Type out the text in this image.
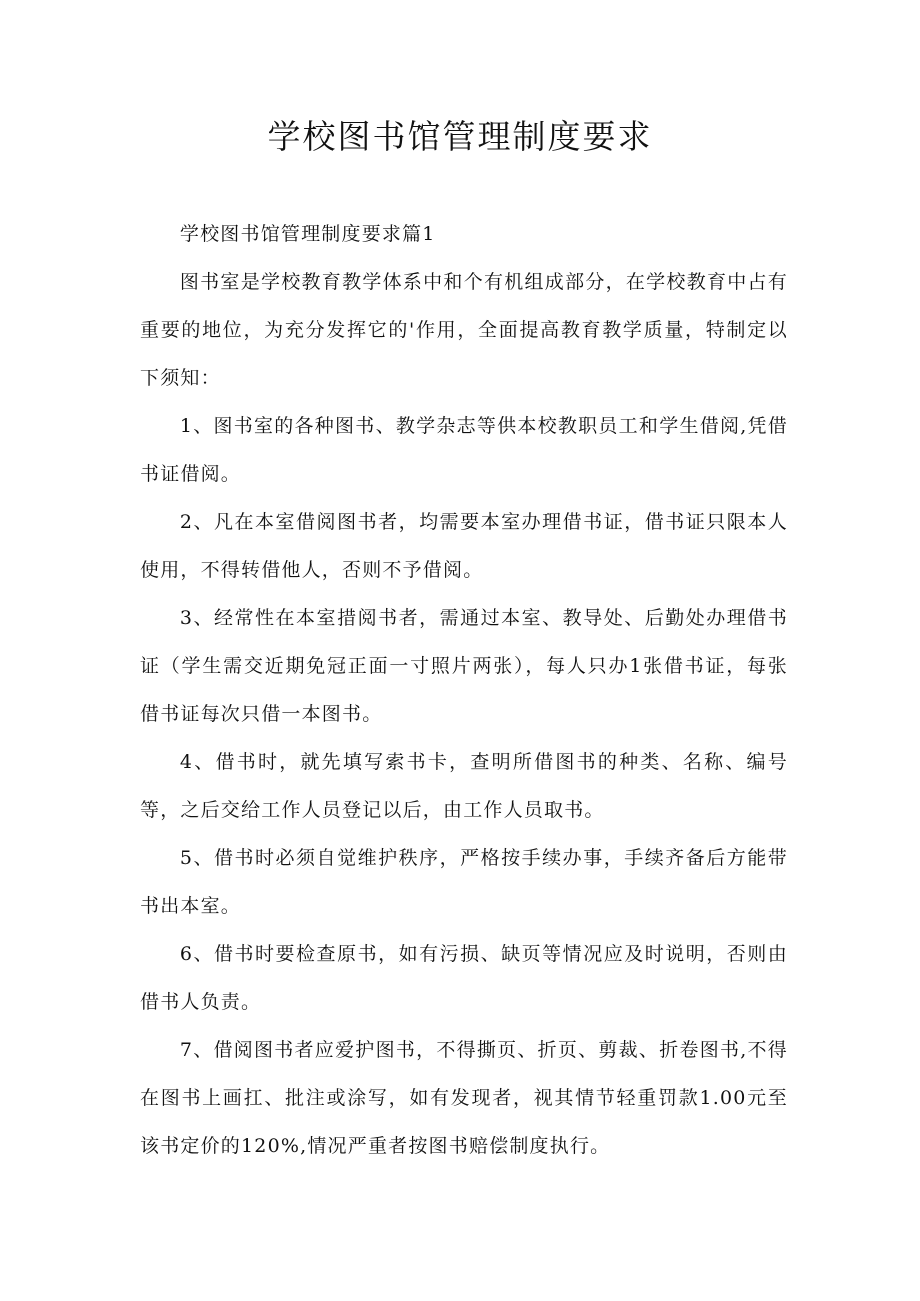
学校图书馆管理制度要求

学校图书馆管理制度要求篇1

图书室是学校教育教学体系中和个有机组成部分，在学校教育中占有重要的地位，为充分发挥它的'作用，全面提高教育教学质量，特制定以下须知：

1、图书室的各种图书、教学杂志等供本校教职员工和学生借阅,凭借书证借阅。

2、凡在本室借阅图书者，均需要本室办理借书证，借书证只限本人使用，不得转借他人，否则不予借阅。

3、经常性在本室措阅书者，需通过本室、教导处、后勤处办理借书证（学生需交近期免冠正面一寸照片两张），每人只办1张借书证，每张借书证每次只借一本图书。

4、借书时，就先填写索书卡，查明所借图书的种类、名称、编号等，之后交给工作人员登记以后，由工作人员取书。

5、借书时必须自觉维护秩序，严格按手续办事，手续齐备后方能带书出本室。

6、借书时要检查原书，如有污损、缺页等情况应及时说明，否则由借书人负责。

7、借阅图书者应爱护图书，不得撕页、折页、剪裁、折卷图书,不得在图书上画扛、批注或涂写，如有发现者，视其情节轻重罚款1.00元至该书定价的120%,情况严重者按图书赔偿制度执行。
